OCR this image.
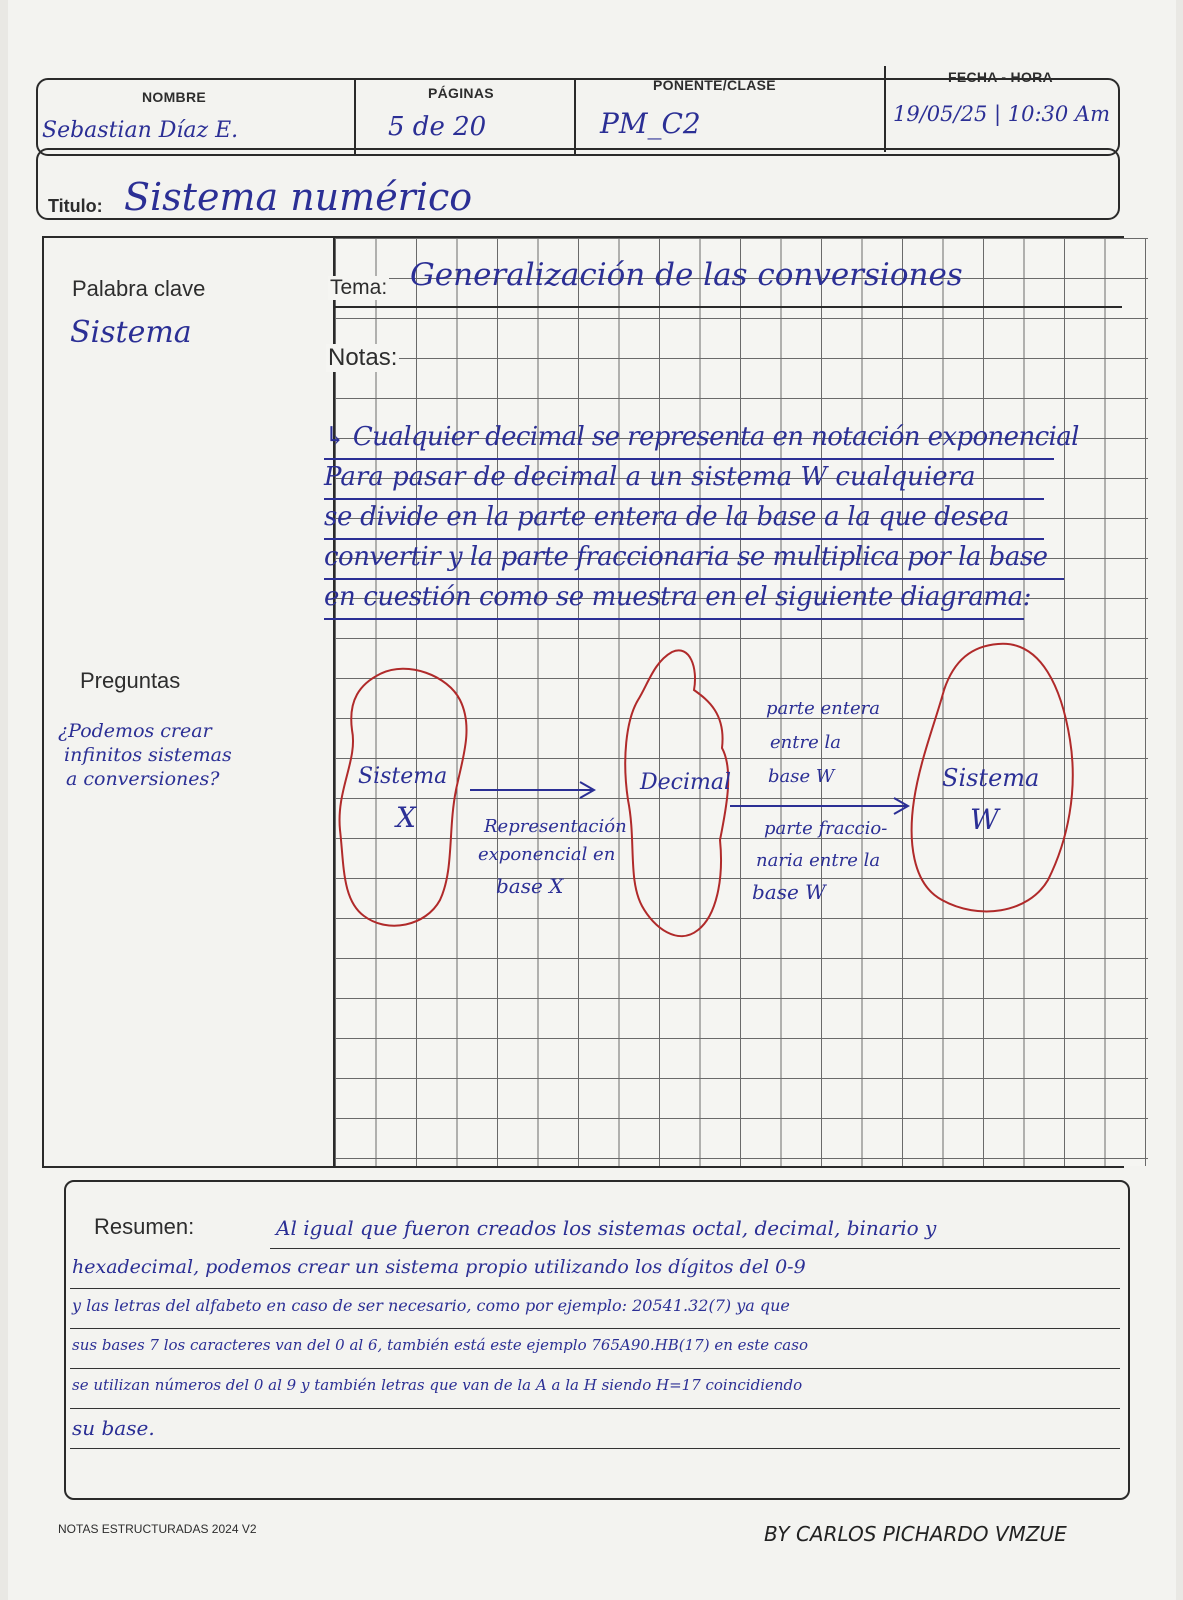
NOMBRE	PÁGINAS	PONENTE/CLASE	FECHA - HORA
Sebastian Díaz E.	5 de 20	PM_C2	19/05/25 | 10:30 Am
Titulo: Sistema numérico
Palabra clave
Sistema
Preguntas
¿Podemos crear
infinitos sistemas
a conversiones?
Tema: Generalización de las conversiones
Notas:
↳ Cualquier decimal se representa en notación exponencial
Para pasar de decimal a un sistema W cualquiera
se divide en la parte entera de la base a la que desea
convertir y la parte fraccionaria se multiplica por la base
en cuestión como se muestra en el siguiente diagrama:
Sistema
X
Decimal	Sistema
W
Representación
exponencial en
base X
parte entera
entre la
base W
parte fraccio-
naria entre la
base W
Resumen:	Al igual que fueron creados los sistemas octal, decimal, binario y
hexadecimal, podemos crear un sistema propio utilizando los dígitos del 0-9
y las letras del alfabeto en caso de ser necesario, como por ejemplo: 20541.32(7) ya que
sus bases 7 los caracteres van del 0 al 6, también está este ejemplo 765A90.HB(17) en este caso
se utilizan números del 0 al 9 y también letras que van de la A a la H siendo H=17 coincidiendo
su base.
NOTAS ESTRUCTURADAS 2024 V2	BY CARLOS PICHARDO VMZUE
